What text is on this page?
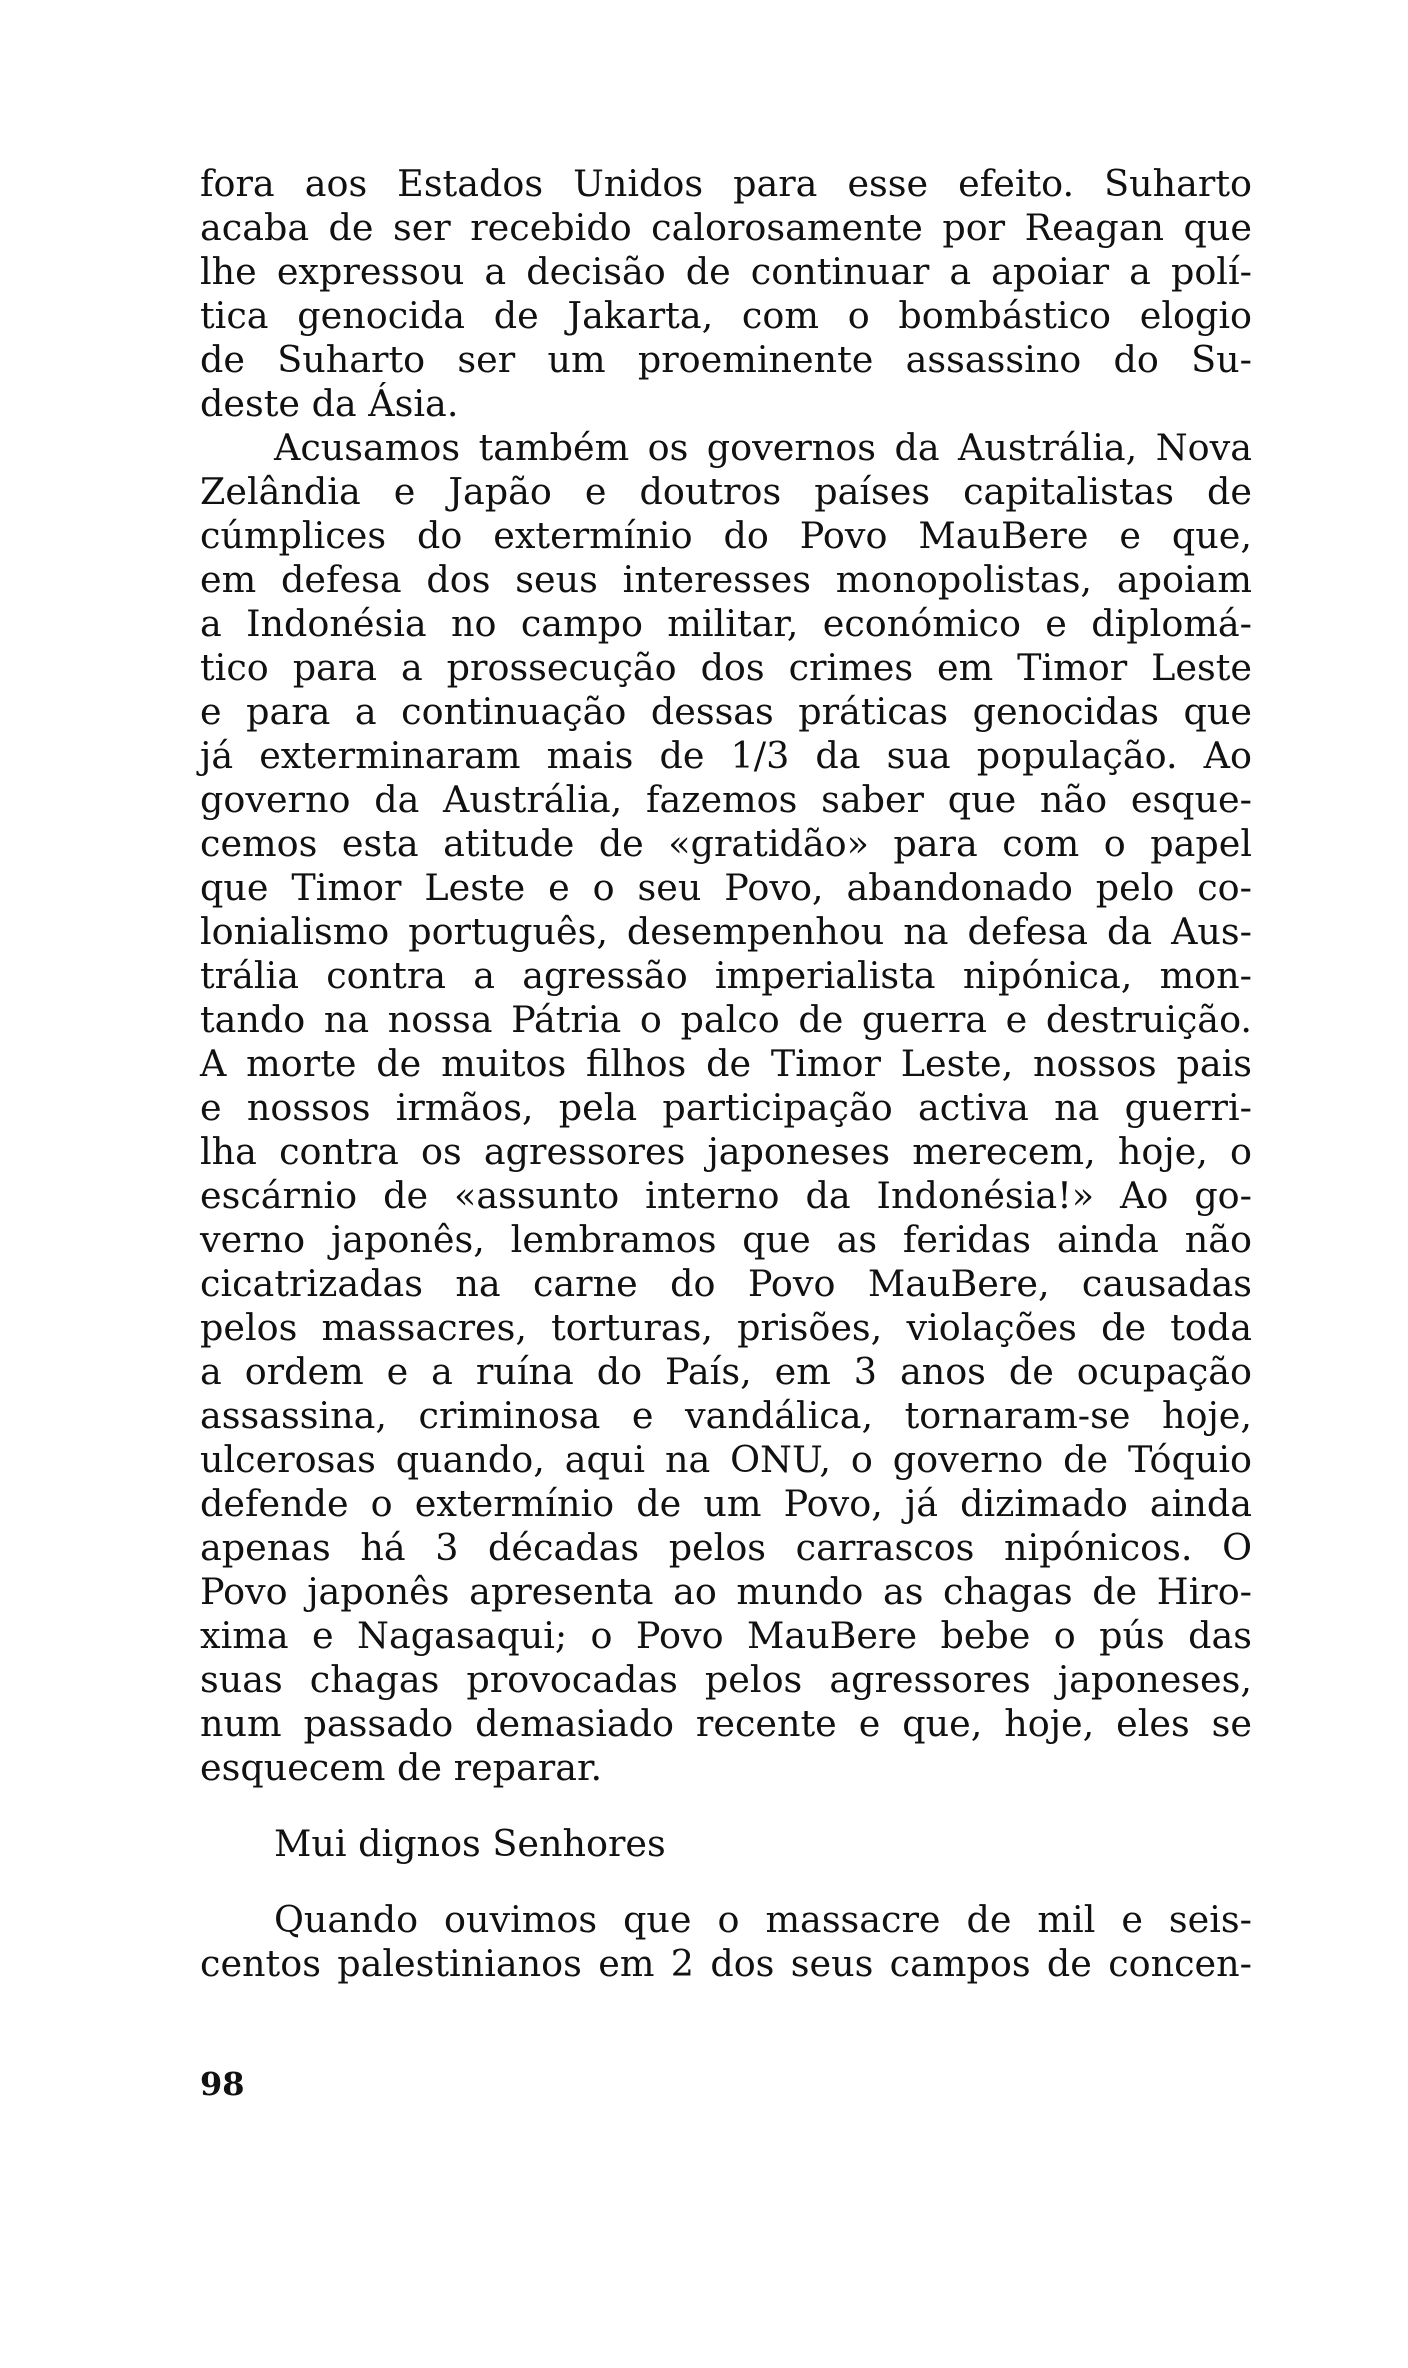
fora aos Estados Unidos para esse efeito. Suharto
acaba de ser recebido calorosamente por Reagan que
lhe expressou a decisão de continuar a apoiar a polí-
tica genocida de Jakarta, com o bombástico elogio
de Suharto ser um proeminente assassino do Su-
deste da Ásia.
Acusamos também os governos da Austrália, Nova
Zelândia e Japão e doutros países capitalistas de
cúmplices do extermínio do Povo MauBere e que,
em defesa dos seus interesses monopolistas, apoiam
a Indonésia no campo militar, económico e diplomá-
tico para a prossecução dos crimes em Timor Leste
e para a continuação dessas práticas genocidas que
já exterminaram mais de 1/3 da sua população. Ao
governo da Austrália, fazemos saber que não esque-
cemos esta atitude de «gratidão» para com o papel
que Timor Leste e o seu Povo, abandonado pelo co-
lonialismo português, desempenhou na defesa da Aus-
trália contra a agressão imperialista nipónica, mon-
tando na nossa Pátria o palco de guerra e destruição.
A morte de muitos filhos de Timor Leste, nossos pais
e nossos irmãos, pela participação activa na guerri-
lha contra os agressores japoneses merecem, hoje, o
escárnio de «assunto interno da Indonésia!» Ao go-
verno japonês, lembramos que as feridas ainda não
cicatrizadas na carne do Povo MauBere, causadas
pelos massacres, torturas, prisões, violações de toda
a ordem e a ruína do País, em 3 anos de ocupação
assassina, criminosa e vandálica, tornaram-se hoje,
ulcerosas quando, aqui na ONU, o governo de Tóquio
defende o extermínio de um Povo, já dizimado ainda
apenas há 3 décadas pelos carrascos nipónicos. O
Povo japonês apresenta ao mundo as chagas de Hiro-
xima e Nagasaqui; o Povo MauBere bebe o pús das
suas chagas provocadas pelos agressores japoneses,
num passado demasiado recente e que, hoje, eles se
esquecem de reparar.
Mui dignos Senhores
Quando ouvimos que o massacre de mil e seis-
centos palestinianos em 2 dos seus campos de concen-
98
